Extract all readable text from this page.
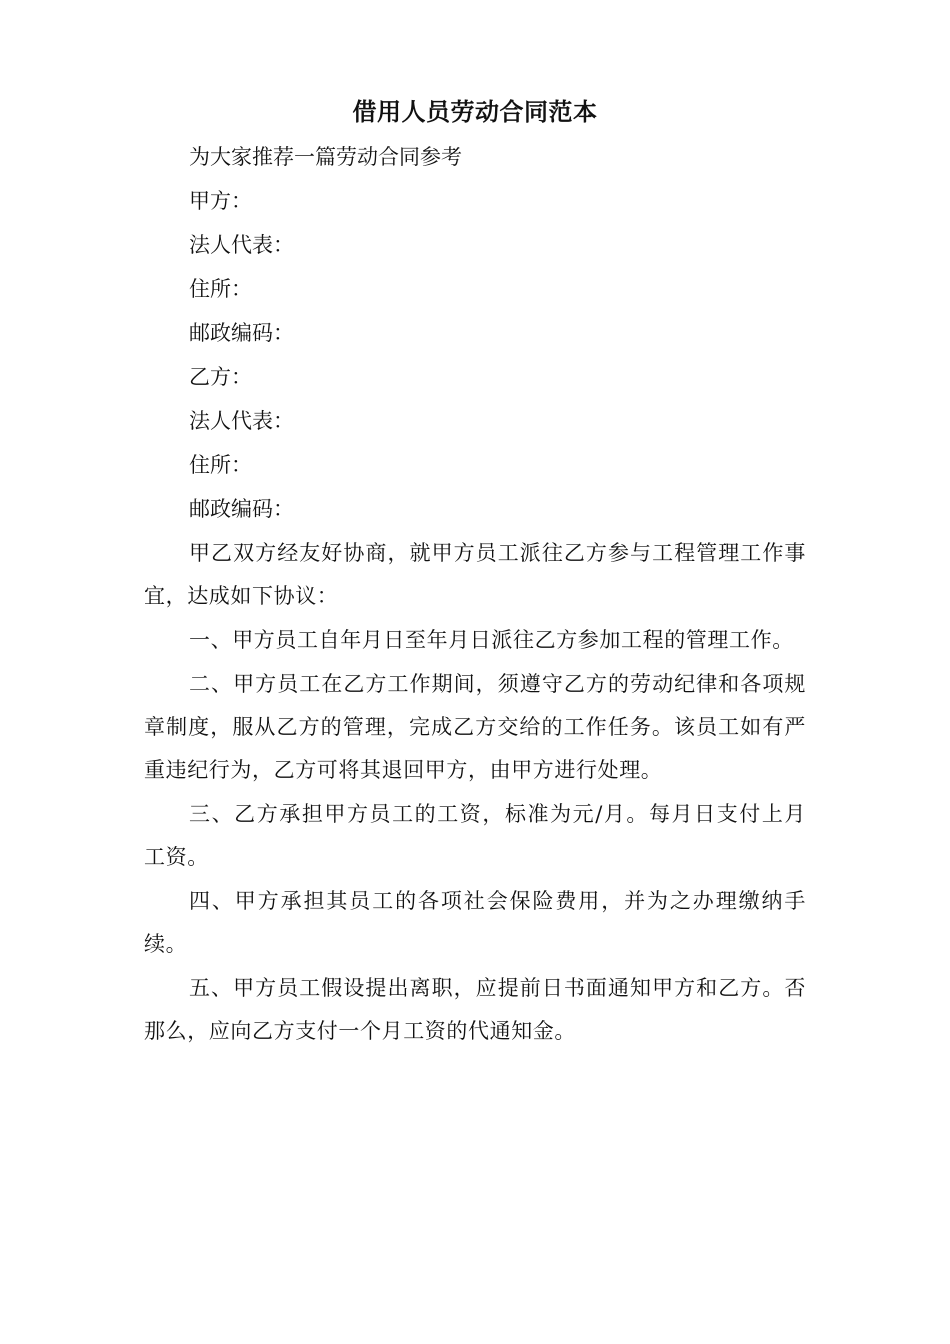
借用人员劳动合同范本
为大家推荐一篇劳动合同参考
甲方：
法人代表：
住所：
邮政编码：
乙方：
法人代表：
住所：
邮政编码：
甲乙双方经友好协商，就甲方员工派往乙方参与工程管理工作事宜，达成如下协议：
一、甲方员工自年月日至年月日派往乙方参加工程的管理工作。
二、甲方员工在乙方工作期间，须遵守乙方的劳动纪律和各项规章制度，服从乙方的管理，完成乙方交给的工作任务。该员工如有严重违纪行为，乙方可将其退回甲方，由甲方进行处理。
三、乙方承担甲方员工的工资，标准为元/月。每月日支付上月 工资。
四、甲方承担其员工的各项社会保险费用，并为之办理缴纳手续。
五、甲方员工假设提出离职，应提前日书面通知甲方和乙方。否那么，应向乙方支付一个月工资的代通知金。
